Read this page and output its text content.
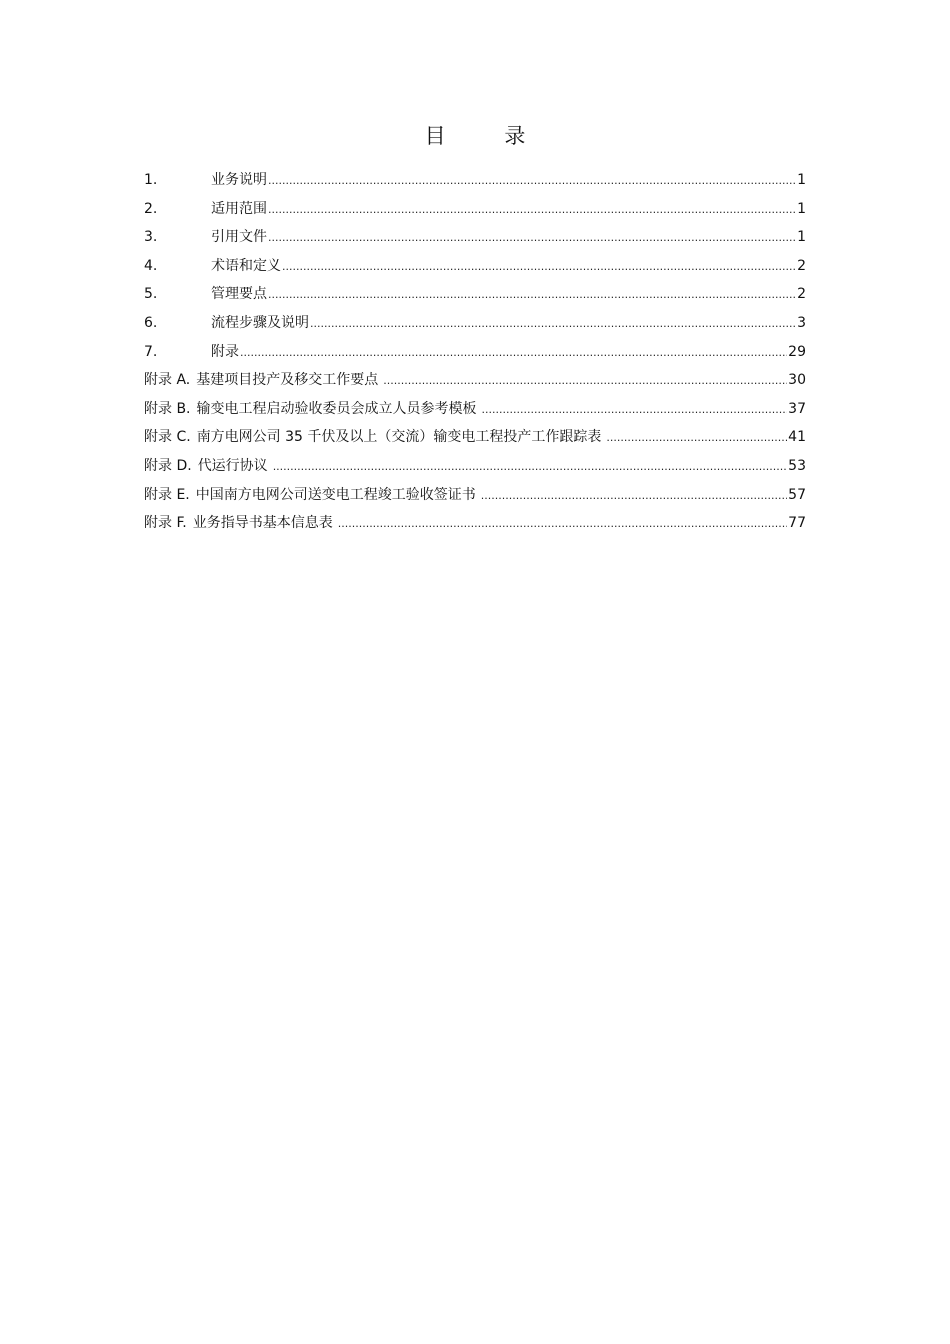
目 录
1.	业务说明 .....	1
2.	适用范围 .....	1
3.	引用文件 .....	1
4.	术语和定义 .....	2
5.	管理要点 .....	2
6.	流程步骤及说明 .....	3
7.	附录 .....	29
附录 A. 基建项目投产及移交工作要点 .....	30
附录 B. 输变电工程启动验收委员会成立人员参考模板 .....	37
附录 C. 南方电网公司 35 千伏及以上（交流）输变电工程投产工作跟踪表 .....	41
附录 D. 代运行协议 .....	53
附录 E. 中国南方电网公司送变电工程竣工验收签证书 .....	57
附录 F. 业务指导书基本信息表 .....	77
